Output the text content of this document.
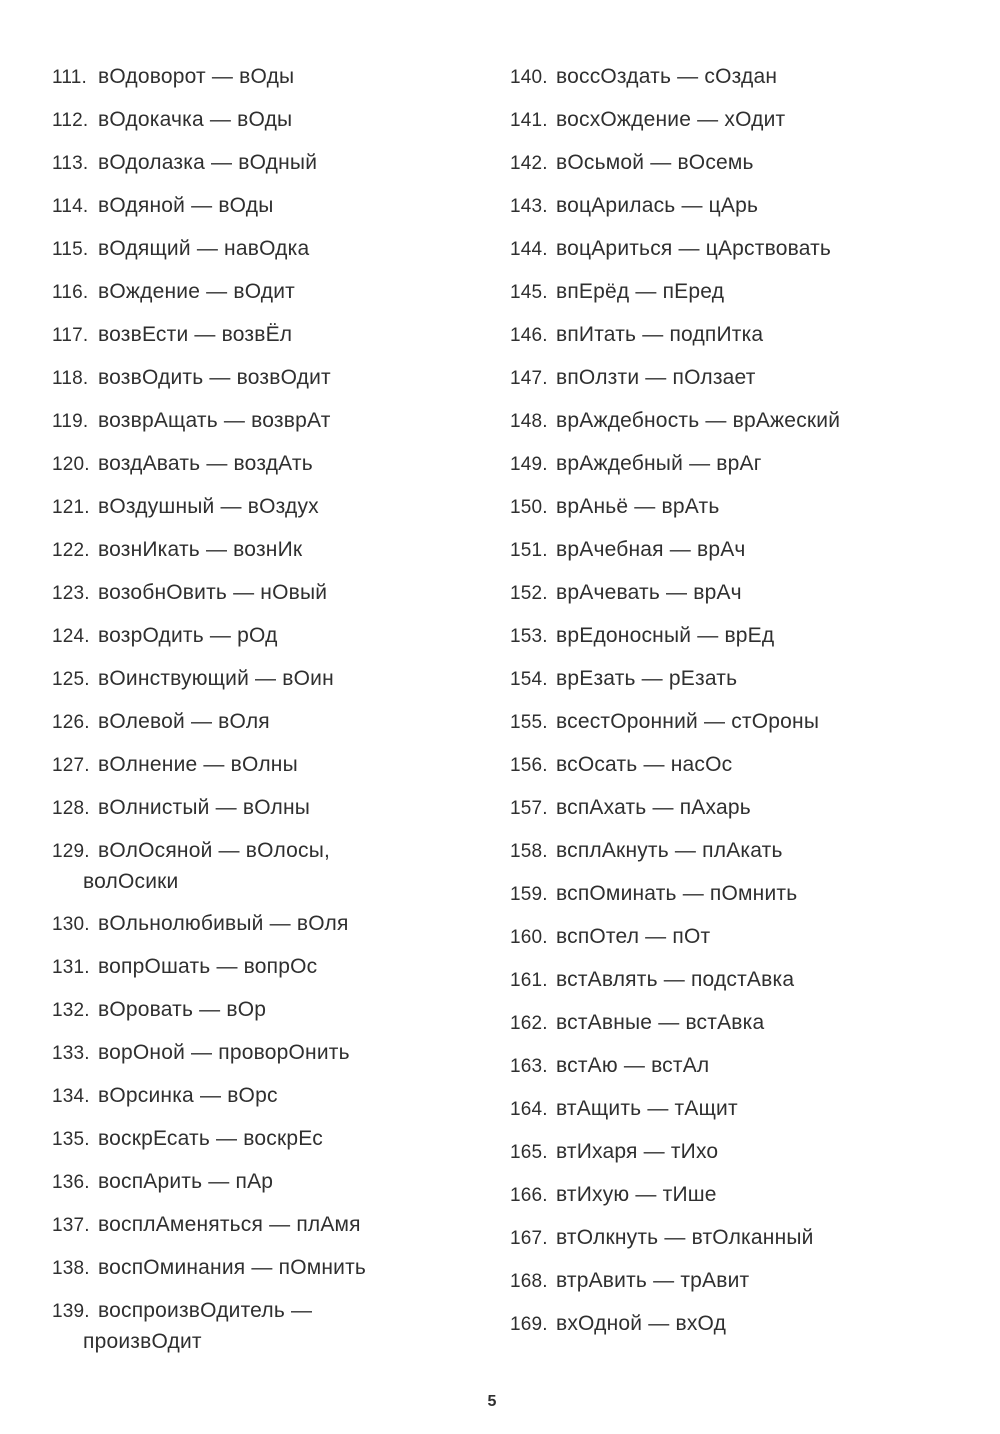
111. вОдоворот — вОды
112. вОдокачка — вОды
113. вОдолазка — вОдный
114. вОдяной — вОды
115. вОдящий — навОдка
116. вОждение — вОдит
117. возвЕсти — возвЁл
118. возвОдить — возвОдит
119. возврАщать — возврАт
120. воздАвать — воздАть
121. вОздушный — вОздух
122. вознИкать — вознИк
123. возобнОвить — нОвый
124. возрОдить — рОд
125. вОинствующий — вОин
126. вОлевой — вОля
127. вОлнение — вОлны
128. вОлнистый — вОлны
129. вОлОсяной — вОлосы,
волОсики
130. вОльнолюбивый — вОля
131. вопрОшать — вопрОс
132. вОровать — вОр
133. ворОной — проворОнить
134. вОрсинка — вОрс
135. воскрЕсать — воскрЕс
136. воспАрить — пАр
137. восплАменяться — плАмя
138. воспОминания — пОмнить
139. воспроизвОдитель —
произвОдит
140. воссОздать — сОздан
141. восхОждение — хОдит
142. вОсьмой — вОсемь
143. воцАрилась — цАрь
144. воцАриться — цАрствовать
145. впЕрёд — пЕред
146. впИтать — подпИтка
147. впОлзти — пОлзает
148. врАждебность — врАжеский
149. врАждебный — врАг
150. врАньё — врАть
151. врАчебная — врАч
152. врАчевать — врАч
153. врЕдоносный — врЕд
154. врЕзать — рЕзать
155. всестОронний — стОроны
156. всОсать — насОс
157. вспАхать — пАхарь
158. всплАкнуть — плАкать
159. вспОминать — пОмнить
160. вспОтел — пОт
161. встАвлять — подстАвка
162. встАвные — встАвка
163. встАю — встАл
164. втАщить — тАщит
165. втИхаря — тИхо
166. втИхую — тИше
167. втОлкнуть — втОлканный
168. втрАвить — трАвит
169. вхОдной — вхОд
5
